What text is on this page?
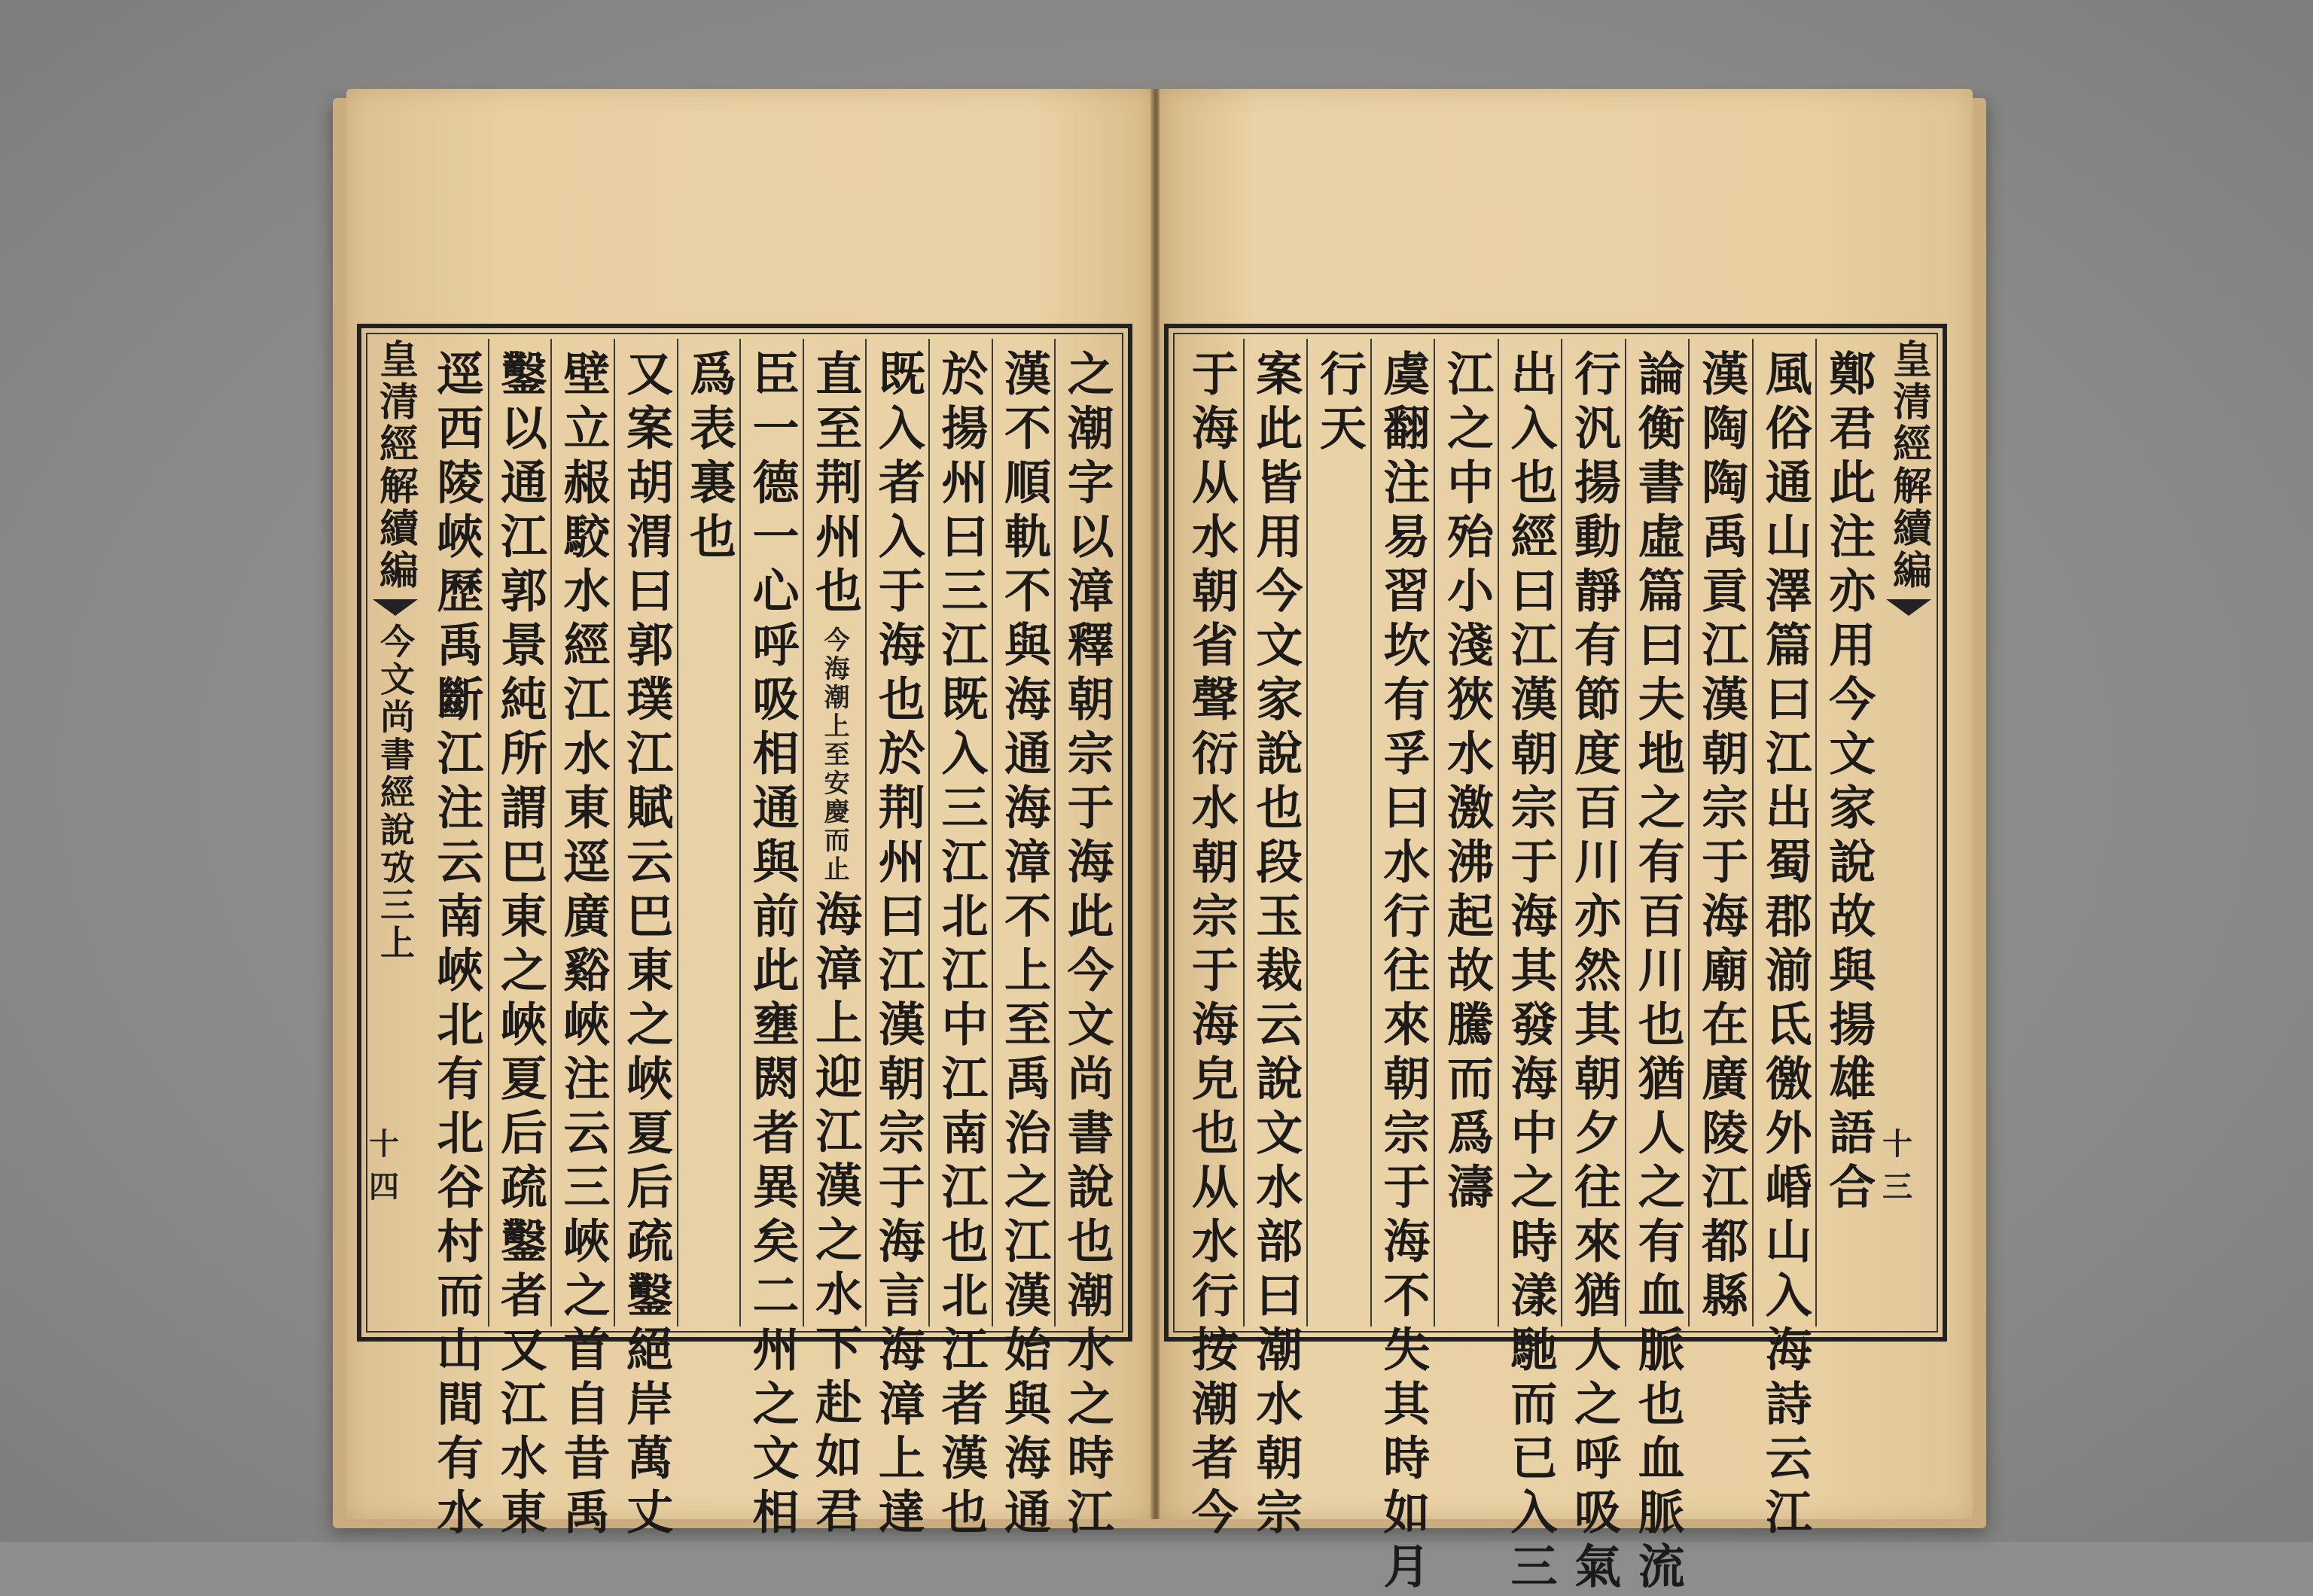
皇清經解續編
今文尚書經說攷三上
十四	之潮字以漳釋朝宗于海此今文尚書說也潮水之時江
漢不順軌不與海通海漳不上至禹治之江漢始與海通
於揚州曰三江既入三江北江中江南江也北江者漢也
既入者入于海也於荆州曰江漢朝宗于海言海漳上達
直至荆州也
今海潮上至安慶而止
海漳上迎江漢之水下赴如君
臣一德一心呼吸相通與前此壅閼者異矣二州之文相
爲表裏也
又案胡渭曰郭璞江賦云巴東之峽夏后疏鑿絕岸萬丈
壁立赧駮水經江水東逕廣谿峽注云三峽之首自昔禹
鑿以通江郭景純所謂巴東之峽夏后疏鑿者又江水東
逕西陵峽歷禹斷江注云南峽北有北谷村而山間有水	鄭君此注亦用今文家說故與揚雄語合
風俗通山澤篇曰江出蜀郡湔氐徼外崏山入海詩云江
漢陶陶禹貢江漢朝宗于海廟在廣陵江都縣
論衡書虛篇曰夫地之有百川也猶人之有血脈也血脈流
行汎揚動靜有節度百川亦然其朝夕往來猶人之呼吸氣
出入也經曰江漢朝宗于海其發海中之時漾馳而已入三
江之中殆小淺狹水激沸起故騰而爲濤
虞翻注易習坎有孚曰水行往來朝宗于海不失其時如月
行天
案此皆用今文家說也段玉裁云說文水部曰潮水朝宗
于海从水朝省聲衍水朝宗于海皃也从水行按潮者今	皇清經解續編
十三
